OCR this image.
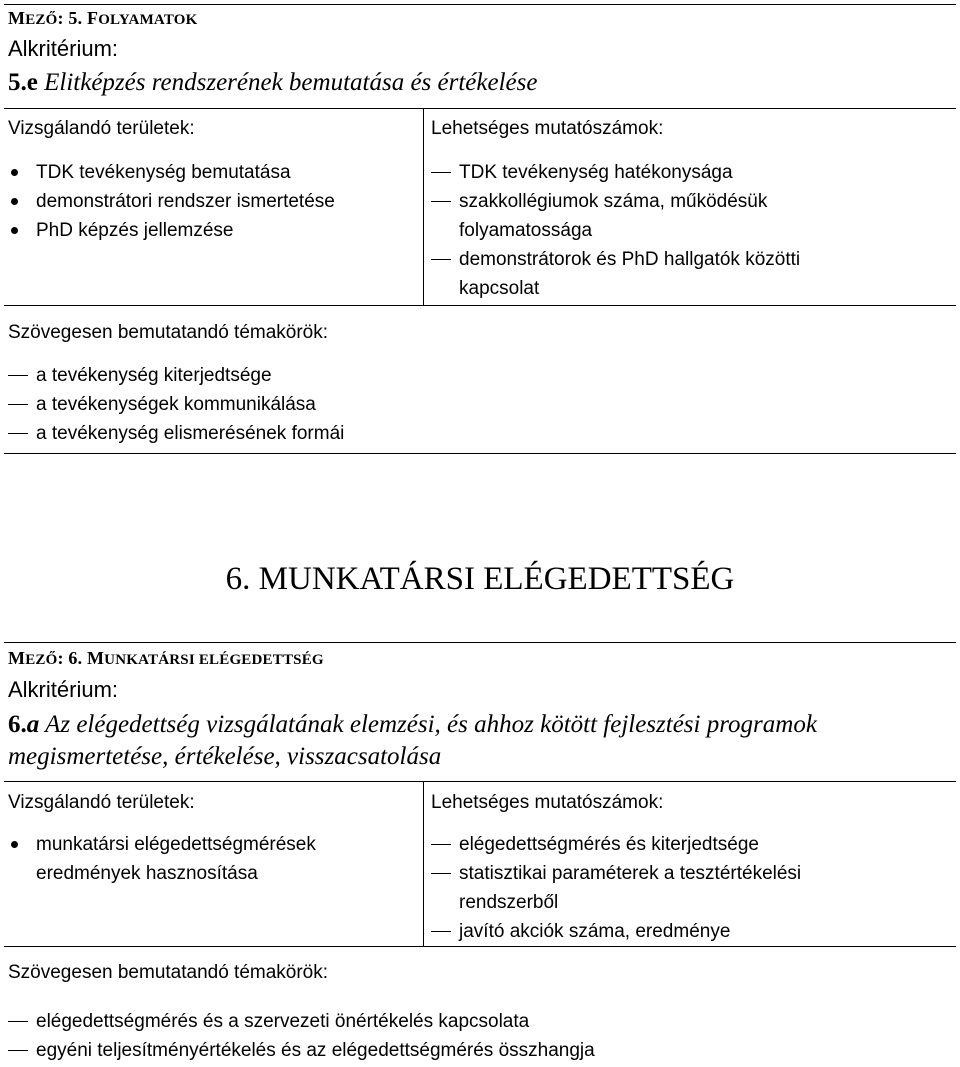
MEZŐ: 5. FOLYAMATOK
Alkritérium:
5.e Elitképzés rendszerének bemutatása és értékelése
Vizsgálandó területek:
TDK tevékenység bemutatása
demonstrátori rendszer ismertetése
PhD képzés jellemzése
Lehetséges mutatószámok:
TDK tevékenység hatékonysága
szakkollégiumok száma, működésük folyamatossága
demonstrátorok és PhD hallgatók közötti kapcsolat
Szövegesen bemutatandó témakörök:
a tevékenység kiterjedtsége
a tevékenységek kommunikálása
a tevékenység elismerésének formái
6. MUNKATÁRSI ELÉGEDETTSÉG
MEZŐ: 6. MUNKATÁRSI ELÉGEDETTSÉG
Alkritérium:
6.a Az elégedettség vizsgálatának elemzési, és ahhoz kötött fejlesztési programok
megismertetése, értékelése, visszacsatolása
Vizsgálandó területek:
munkatársi elégedettségmérések eredmények hasznosítása
Lehetséges mutatószámok:
elégedettségmérés és kiterjedtsége
statisztikai paraméterek a tesztértékelési rendszerből
javító akciók száma, eredménye
Szövegesen bemutatandó témakörök:
elégedettségmérés és a szervezeti önértékelés kapcsolata
egyéni teljesítményértékelés és az elégedettségmérés összhangja
